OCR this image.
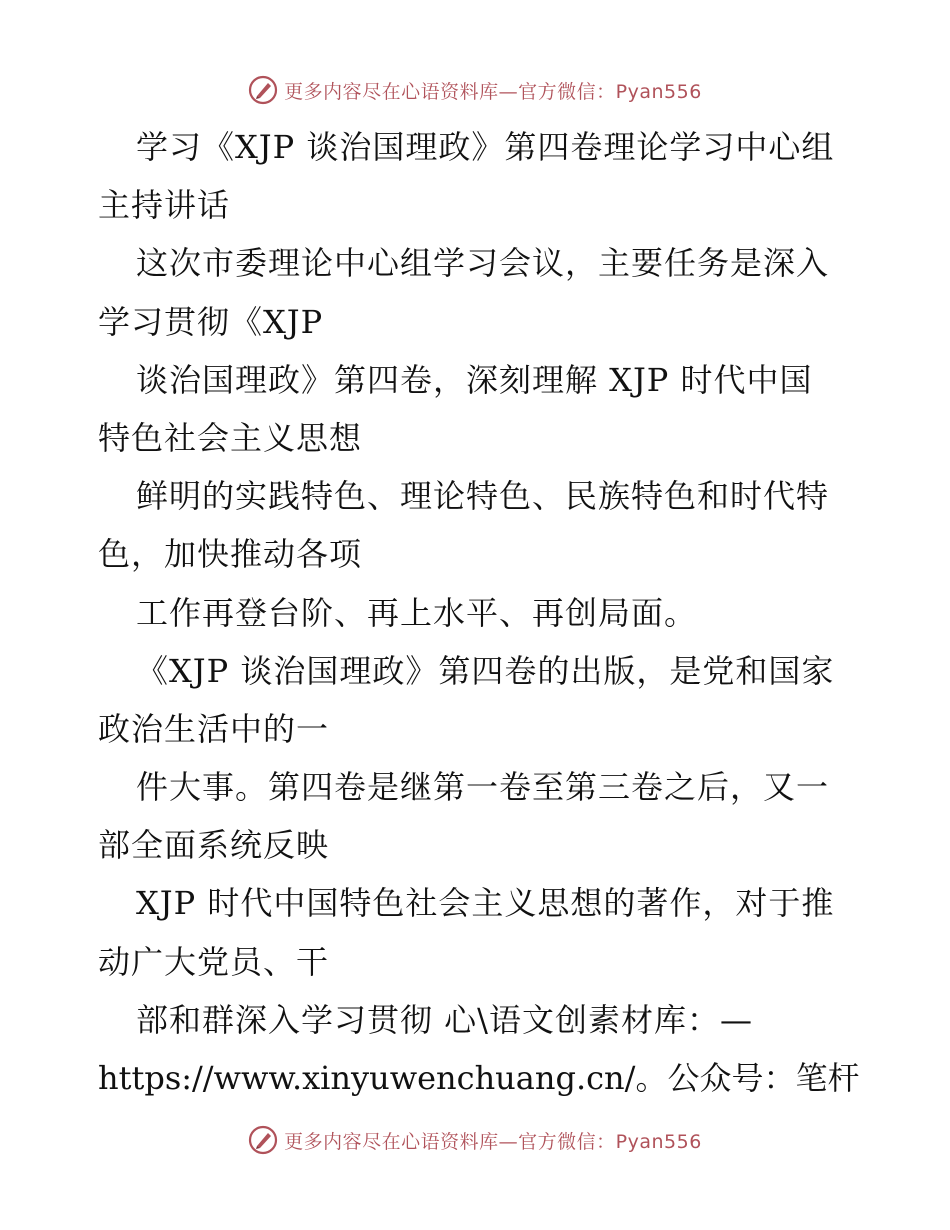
更多内容尽在心语资料库—官方微信：Pyan556
学习《XJP 谈治国理政》第四卷理论学习中心组
主持讲话
这次市委理论中心组学习会议，主要任务是深入
学习贯彻《XJP
谈治国理政》第四卷，深刻理解 XJP 时代中国
特色社会主义思想
鲜明的实践特色、理论特色、民族特色和时代特
色，加快推动各项
工作再登台阶、再上水平、再创局面。
《XJP 谈治国理政》第四卷的出版，是党和国家
政治生活中的一
件大事。第四卷是继第一卷至第三卷之后，又一
部全面系统反映
XJP 时代中国特色社会主义思想的著作，对于推
动广大党员、干
部和群深入学习贯彻 心\语文创素材库：—
https://www.xinyuwenchuang.cn/。公众号：笔杆
更多内容尽在心语资料库—官方微信：Pyan556
